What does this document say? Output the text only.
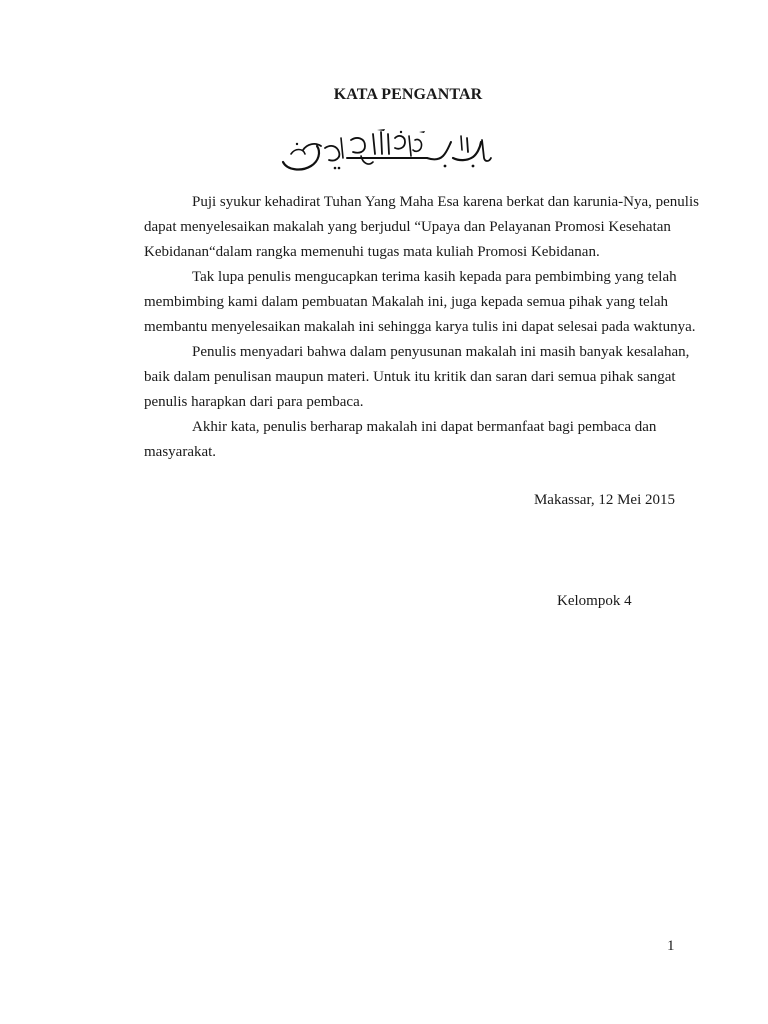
KATA PENGANTAR

Puji syukur kehadirat Tuhan Yang Maha Esa karena berkat dan karunia-Nya, penulis
dapat menyelesaikan makalah yang berjudul “Upaya dan Pelayanan Promosi Kesehatan
Kebidanan“dalam rangka memenuhi tugas mata kuliah Promosi Kebidanan.

Tak lupa penulis mengucapkan terima kasih kepada para pembimbing yang telah
membimbing kami dalam pembuatan Makalah ini, juga kepada semua pihak yang telah
membantu menyelesaikan makalah ini sehingga karya tulis ini dapat selesai pada waktunya.

Penulis menyadari bahwa dalam penyusunan makalah ini masih banyak kesalahan,
baik dalam penulisan maupun materi. Untuk itu kritik dan saran dari semua pihak sangat
penulis harapkan dari para pembaca.

Akhir kata, penulis berharap makalah ini dapat bermanfaat bagi pembaca dan
masyarakat.

Makassar, 12 Mei 2015
Kelompok 4
1
